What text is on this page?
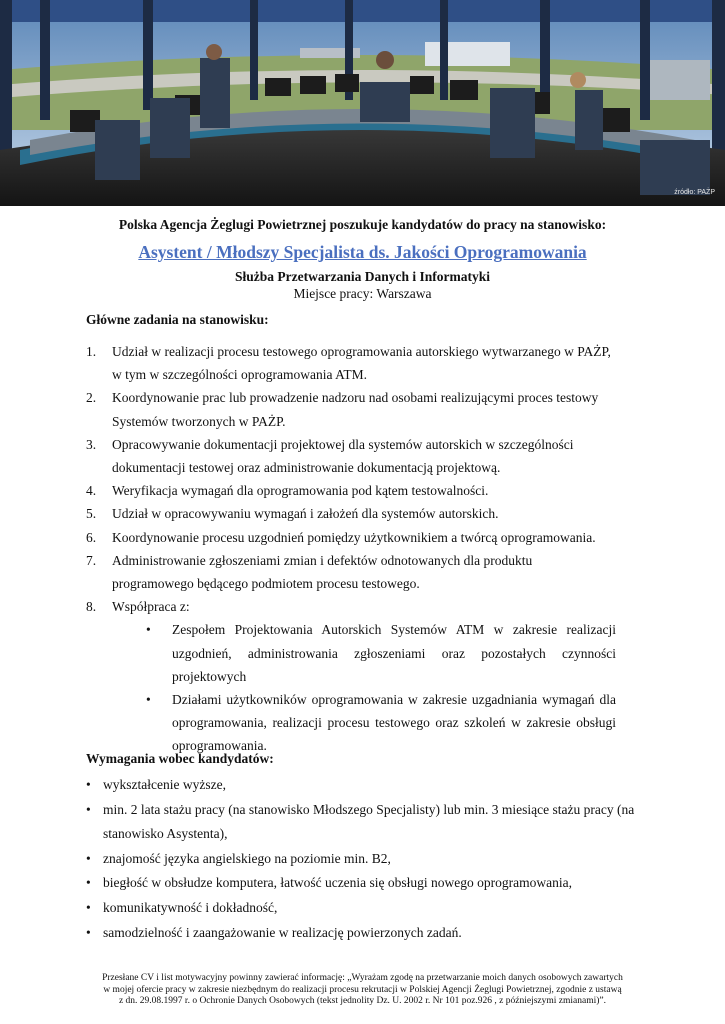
źródło: PAŻP
Polska Agencja Żeglugi Powietrznej poszukuje kandydatów do pracy na stanowisko:
Asystent / Młodszy Specjalista ds. Jakości Oprogramowania
Służba Przetwarzania Danych i Informatyki
Miejsce pracy: Warszawa
Główne zadania na stanowisku:
1. Udział w realizacji procesu testowego oprogramowania autorskiego wytwarzanego w PAŻP, w tym w szczególności oprogramowania ATM.
2. Koordynowanie prac lub prowadzenie nadzoru nad osobami realizującymi proces testowy Systemów tworzonych w PAŻP.
3. Opracowywanie dokumentacji projektowej dla systemów autorskich w szczególności dokumentacji testowej oraz administrowanie dokumentacją projektową.
4. Weryfikacja wymagań dla oprogramowania pod kątem testowalności.
5. Udział w opracowywaniu wymagań i założeń dla systemów autorskich.
6. Koordynowanie procesu uzgodnień pomiędzy użytkownikiem a twórcą oprogramowania.
7. Administrowanie zgłoszeniami zmian i defektów odnotowanych dla produktu programowego będącego podmiotem procesu testowego.
8. Współpraca z:
• Zespołem Projektowania Autorskich Systemów ATM w zakresie realizacji uzgodnień, administrowania zgłoszeniami oraz pozostałych czynności projektowych
• Działami użytkowników oprogramowania w zakresie uzgadniania wymagań dla oprogramowania, realizacji procesu testowego oraz szkoleń w zakresie obsługi oprogramowania.
Wymagania wobec kandydatów:
• wykształcenie wyższe,
• min. 2 lata stażu pracy (na stanowisko Młodszego Specjalisty) lub min. 3 miesiące stażu pracy (na stanowisko Asystenta),
• znajomość języka angielskiego na poziomie min. B2,
• biegłość w obsłudze komputera, łatwość uczenia się obsługi nowego oprogramowania,
• komunikatywność i dokładność,
• samodzielność i zaangażowanie w realizację powierzonych zadań.
Przesłane CV i list motywacyjny powinny zawierać informację: „Wyrażam zgodę na przetwarzanie moich danych osobowych zawartych
w mojej ofercie pracy w zakresie niezbędnym do realizacji procesu rekrutacji w Polskiej Agencji Żeglugi Powietrznej, zgodnie z ustawą
z dn. 29.08.1997 r. o Ochronie Danych Osobowych (tekst jednolity Dz. U. 2002 r. Nr 101 poz.926 , z późniejszymi zmianami)”.
